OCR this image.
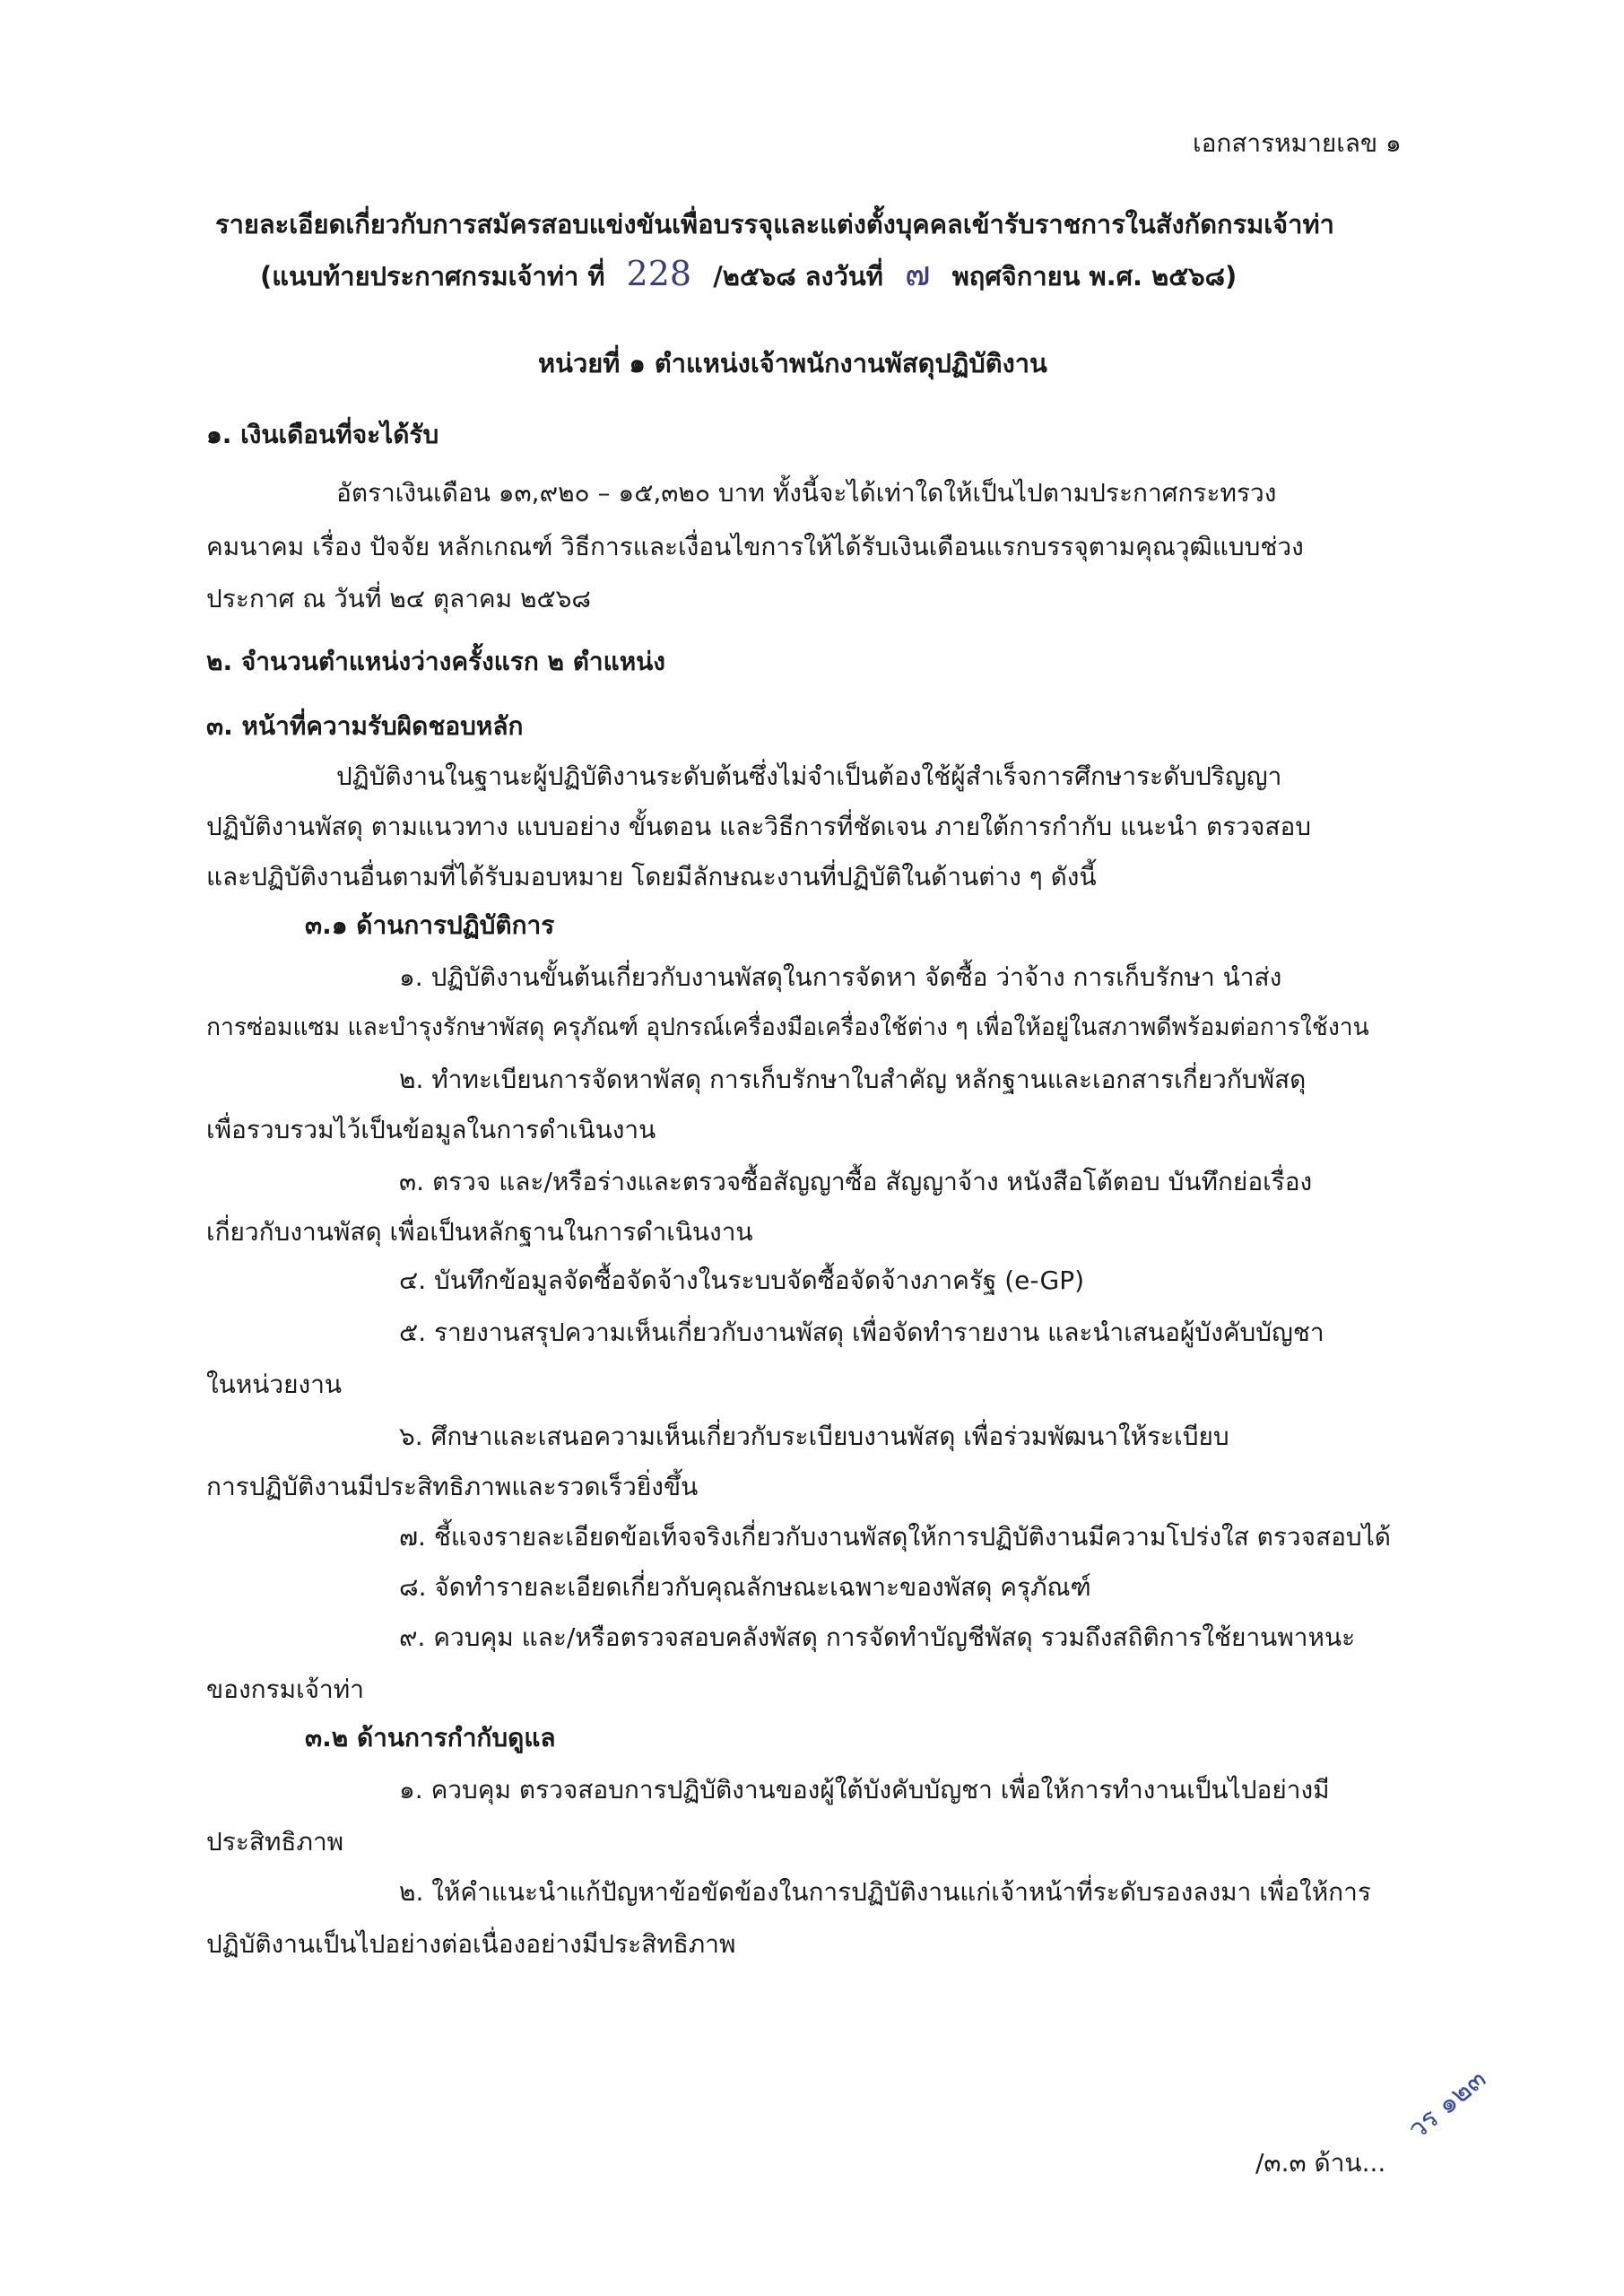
เอกสารหมายเลข ๑
รายละเอียดเกี่ยวกับการสมัครสอบแข่งขันเพื่อบรรจุและแต่งตั้งบุคคลเข้ารับราชการในสังกัดกรมเจ้าท่า
(แนบท้ายประกาศกรมเจ้าท่า ที่ 228 /๒๕๖๘ ลงวันที่ ๗ พฤศจิกายน พ.ศ. ๒๕๖๘)
หน่วยที่ ๑ ตำแหน่งเจ้าพนักงานพัสดุปฏิบัติงาน
๑. เงินเดือนที่จะได้รับ
อัตราเงินเดือน ๑๓,๙๒๐ – ๑๕,๓๒๐ บาท ทั้งนี้จะได้เท่าใดให้เป็นไปตามประกาศกระทรวง
คมนาคม เรื่อง ปัจจัย หลักเกณฑ์ วิธีการและเงื่อนไขการให้ได้รับเงินเดือนแรกบรรจุตามคุณวุฒิแบบช่วง
ประกาศ ณ วันที่ ๒๔ ตุลาคม ๒๕๖๘
๒. จำนวนตำแหน่งว่างครั้งแรก ๒ ตำแหน่ง
๓. หน้าที่ความรับผิดชอบหลัก
ปฏิบัติงานในฐานะผู้ปฏิบัติงานระดับต้นซึ่งไม่จำเป็นต้องใช้ผู้สำเร็จการศึกษาระดับปริญญา
ปฏิบัติงานพัสดุ ตามแนวทาง แบบอย่าง ขั้นตอน และวิธีการที่ชัดเจน ภายใต้การกำกับ แนะนำ ตรวจสอบ
และปฏิบัติงานอื่นตามที่ได้รับมอบหมาย โดยมีลักษณะงานที่ปฏิบัติในด้านต่าง ๆ ดังนี้
๓.๑ ด้านการปฏิบัติการ
๑. ปฏิบัติงานขั้นต้นเกี่ยวกับงานพัสดุในการจัดหา จัดซื้อ ว่าจ้าง การเก็บรักษา นำส่ง
การซ่อมแซม และบำรุงรักษาพัสดุ ครุภัณฑ์ อุปกรณ์เครื่องมือเครื่องใช้ต่าง ๆ เพื่อให้อยู่ในสภาพดีพร้อมต่อการใช้งาน
๒. ทำทะเบียนการจัดหาพัสดุ การเก็บรักษาใบสำคัญ หลักฐานและเอกสารเกี่ยวกับพัสดุ
เพื่อรวบรวมไว้เป็นข้อมูลในการดำเนินงาน
๓. ตรวจ และ/หรือร่างและตรวจซื้อสัญญาซื้อ สัญญาจ้าง หนังสือโต้ตอบ บันทึกย่อเรื่อง
เกี่ยวกับงานพัสดุ เพื่อเป็นหลักฐานในการดำเนินงาน
๔. บันทึกข้อมูลจัดซื้อจัดจ้างในระบบจัดซื้อจัดจ้างภาครัฐ (e-GP)
๕. รายงานสรุปความเห็นเกี่ยวกับงานพัสดุ เพื่อจัดทำรายงาน และนำเสนอผู้บังคับบัญชา
ในหน่วยงาน
๖. ศึกษาและเสนอความเห็นเกี่ยวกับระเบียบงานพัสดุ เพื่อร่วมพัฒนาให้ระเบียบ
การปฏิบัติงานมีประสิทธิภาพและรวดเร็วยิ่งขึ้น
๗. ชี้แจงรายละเอียดข้อเท็จจริงเกี่ยวกับงานพัสดุให้การปฏิบัติงานมีความโปร่งใส ตรวจสอบได้
๘. จัดทำรายละเอียดเกี่ยวกับคุณลักษณะเฉพาะของพัสดุ ครุภัณฑ์
๙. ควบคุม และ/หรือตรวจสอบคลังพัสดุ การจัดทำบัญชีพัสดุ รวมถึงสถิติการใช้ยานพาหนะ
ของกรมเจ้าท่า
๓.๒ ด้านการกำกับดูแล
๑. ควบคุม ตรวจสอบการปฏิบัติงานของผู้ใต้บังคับบัญชา เพื่อให้การทำงานเป็นไปอย่างมี
ประสิทธิภาพ
๒. ให้คำแนะนำแก้ปัญหาข้อขัดข้องในการปฏิบัติงานแก่เจ้าหน้าที่ระดับรองลงมา เพื่อให้การ
ปฏิบัติงานเป็นไปอย่างต่อเนื่องอย่างมีประสิทธิภาพ
/๓.๓ ด้าน...
วร ๑๒๓
